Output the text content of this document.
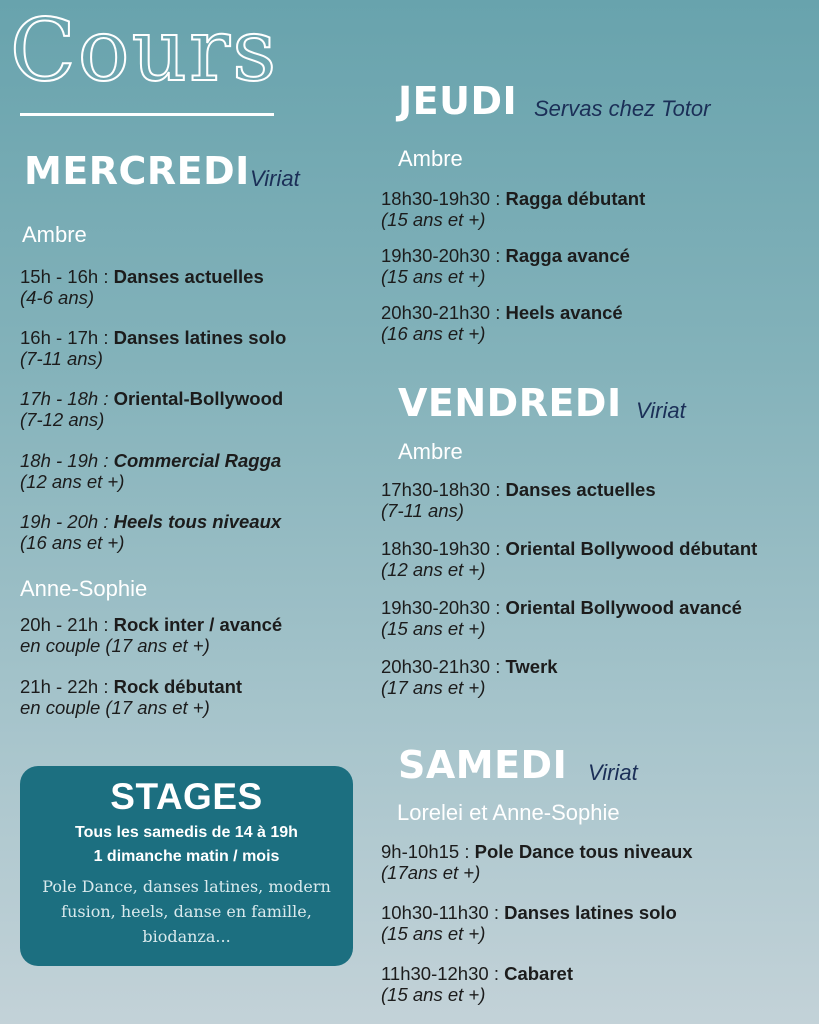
Cours
MERCREDI Viriat
Ambre
15h - 16h : Danses actuelles
(4-6 ans)
16h - 17h : Danses latines solo
(7-11 ans)
17h - 18h : Oriental-Bollywood
(7-12 ans)
18h - 19h : Commercial Ragga
(12 ans et +)
19h - 20h : Heels tous niveaux
(16 ans et +)
Anne-Sophie
20h - 21h : Rock inter / avancé
en couple (17 ans et +)
21h - 22h : Rock débutant
en couple (17 ans et +)
STAGES
Tous les samedis de 14 à 19h
1 dimanche matin / mois
Pole Dance, danses latines, modern fusion, heels, danse en famille, biodanza...
JEUDI Servas chez Totor
Ambre
18h30-19h30 : Ragga débutant
(15 ans et +)
19h30-20h30 : Ragga avancé
(15 ans et +)
20h30-21h30 : Heels avancé
(16 ans et +)
VENDREDI Viriat
Ambre
17h30-18h30 : Danses actuelles
(7-11 ans)
18h30-19h30 : Oriental Bollywood débutant
(12 ans et +)
19h30-20h30 : Oriental Bollywood avancé
(15 ans et +)
20h30-21h30 : Twerk
(17 ans et +)
SAMEDI Viriat
Lorelei et Anne-Sophie
9h-10h15 : Pole Dance tous niveaux
(17ans et +)
10h30-11h30 : Danses latines solo
(15 ans et +)
11h30-12h30 : Cabaret
(15 ans et +)
